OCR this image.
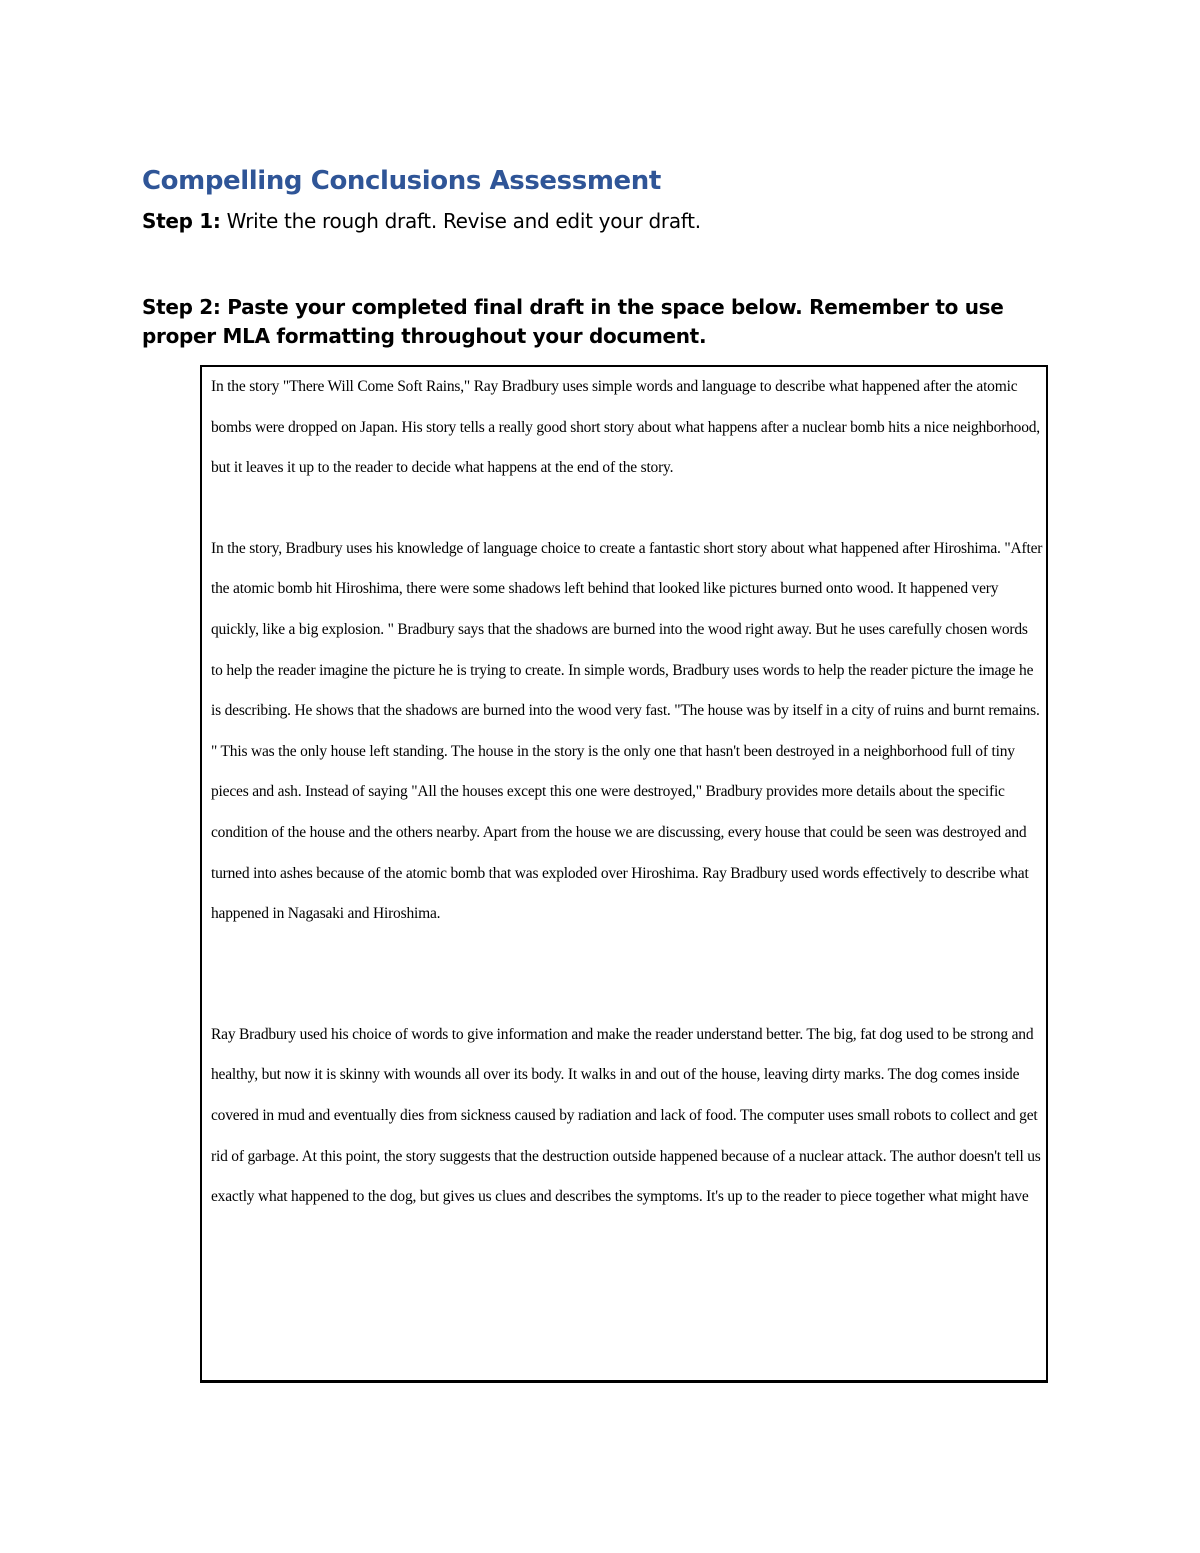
Compelling Conclusions Assessment
Step 1: Write the rough draft. Revise and edit your draft.
Step 2: Paste your completed final draft in the space below. Remember to use proper MLA formatting throughout your document.

In the story "There Will Come Soft Rains," Ray Bradbury uses simple words and language to describe what happened after the atomic bombs were dropped on Japan. His story tells a really good short story about what happens after a nuclear bomb hits a nice neighborhood, but it leaves it up to the reader to decide what happens at the end of the story.

In the story, Bradbury uses his knowledge of language choice to create a fantastic short story about what happened after Hiroshima. "After the atomic bomb hit Hiroshima, there were some shadows left behind that looked like pictures burned onto wood. It happened very quickly, like a big explosion. " Bradbury says that the shadows are burned into the wood right away. But he uses carefully chosen words to help the reader imagine the picture he is trying to create. In simple words, Bradbury uses words to help the reader picture the image he is describing. He shows that the shadows are burned into the wood very fast. "The house was by itself in a city of ruins and burnt remains. " This was the only house left standing. The house in the story is the only one that hasn't been destroyed in a neighborhood full of tiny pieces and ash. Instead of saying "All the houses except this one were destroyed," Bradbury provides more details about the specific condition of the house and the others nearby. Apart from the house we are discussing, every house that could be seen was destroyed and turned into ashes because of the atomic bomb that was exploded over Hiroshima. Ray Bradbury used words effectively to describe what happened in Nagasaki and Hiroshima.

Ray Bradbury used his choice of words to give information and make the reader understand better. The big, fat dog used to be strong and healthy, but now it is skinny with wounds all over its body. It walks in and out of the house, leaving dirty marks. The dog comes inside covered in mud and eventually dies from sickness caused by radiation and lack of food. The computer uses small robots to collect and get rid of garbage. At this point, the story suggests that the destruction outside happened because of a nuclear attack. The author doesn't tell us exactly what happened to the dog, but gives us clues and describes the symptoms. It's up to the reader to piece together what might have
